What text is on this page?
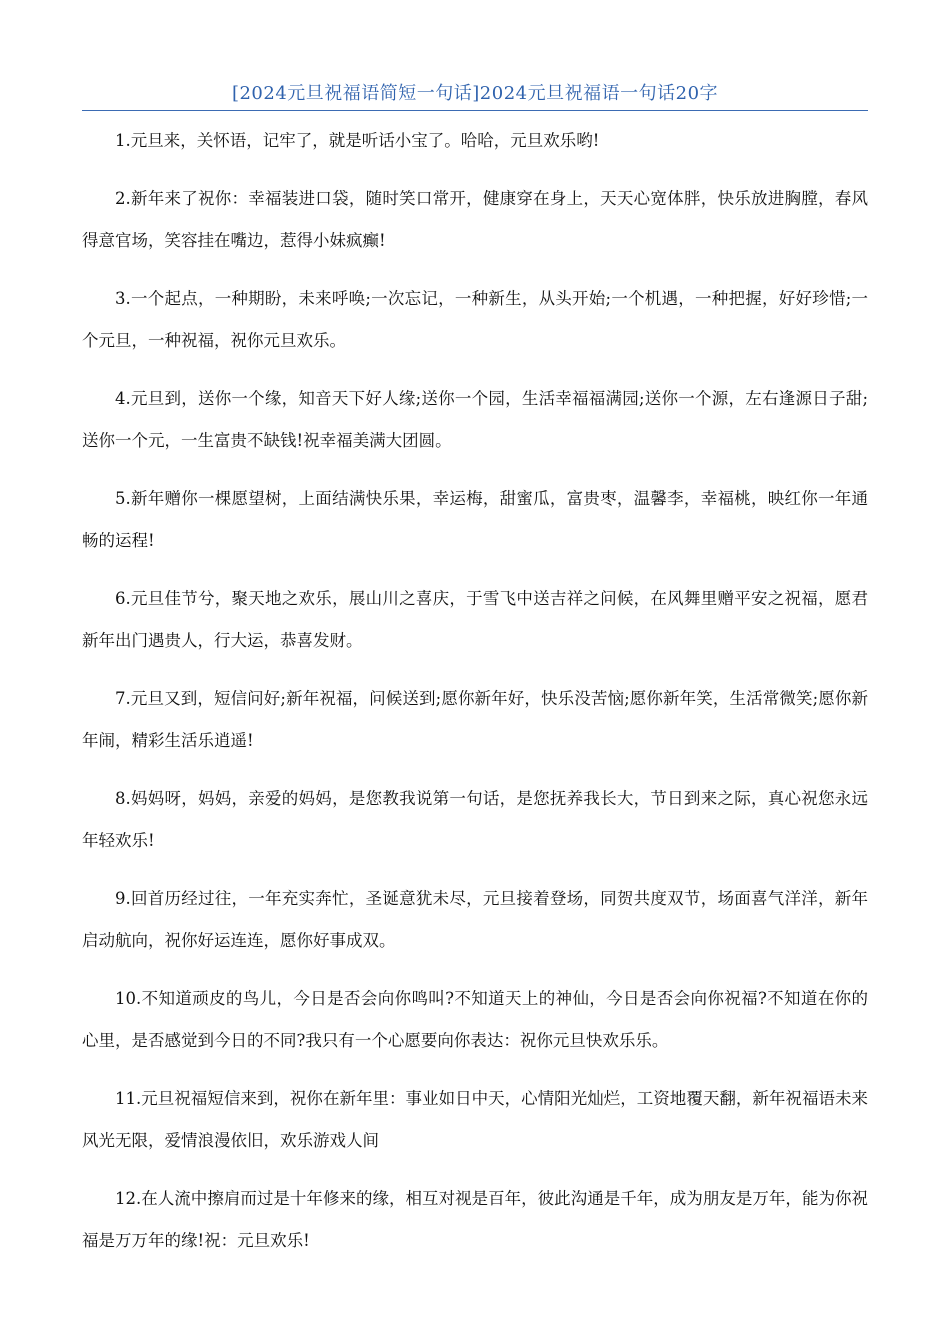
[2024元旦祝福语简短一句话]2024元旦祝福语一句话20字

1.元旦来，关怀语，记牢了，就是听话小宝了。哈哈，元旦欢乐哟!

2.新年来了祝你：幸福装进口袋，随时笑口常开，健康穿在身上，天天心宽体胖，快乐放进胸膛，春风得意官场，笑容挂在嘴边，惹得小妹疯癫!

3.一个起点，一种期盼，未来呼唤;一次忘记，一种新生，从头开始;一个机遇，一种把握，好好珍惜;一个元旦，一种祝福，祝你元旦欢乐。

4.元旦到，送你一个缘，知音天下好人缘;送你一个园，生活幸福福满园;送你一个源，左右逢源日子甜;送你一个元，一生富贵不缺钱!祝幸福美满大团圆。

5.新年赠你一棵愿望树，上面结满快乐果，幸运梅，甜蜜瓜，富贵枣，温馨李，幸福桃，映红你一年通畅的运程!

6.元旦佳节兮，聚天地之欢乐，展山川之喜庆，于雪飞中送吉祥之问候，在风舞里赠平安之祝福，愿君新年出门遇贵人，行大运，恭喜发财。

7.元旦又到，短信问好;新年祝福，问候送到;愿你新年好，快乐没苦恼;愿你新年笑，生活常微笑;愿你新年闹，精彩生活乐逍遥!

8.妈妈呀，妈妈，亲爱的妈妈，是您教我说第一句话，是您抚养我长大，节日到来之际，真心祝您永远年轻欢乐!

9.回首历经过往，一年充实奔忙，圣诞意犹未尽，元旦接着登场，同贺共度双节，场面喜气洋洋，新年启动航向，祝你好运连连，愿你好事成双。

10.不知道顽皮的鸟儿，今日是否会向你鸣叫?不知道天上的神仙，今日是否会向你祝福?不知道在你的心里，是否感觉到今日的不同?我只有一个心愿要向你表达：祝你元旦快欢乐乐。

11.元旦祝福短信来到，祝你在新年里：事业如日中天，心情阳光灿烂，工资地覆天翻，新年祝福语未来风光无限，爱情浪漫依旧，欢乐游戏人间

12.在人流中擦肩而过是十年修来的缘，相互对视是百年，彼此沟通是千年，成为朋友是万年，能为你祝福是万万年的缘!祝：元旦欢乐!
